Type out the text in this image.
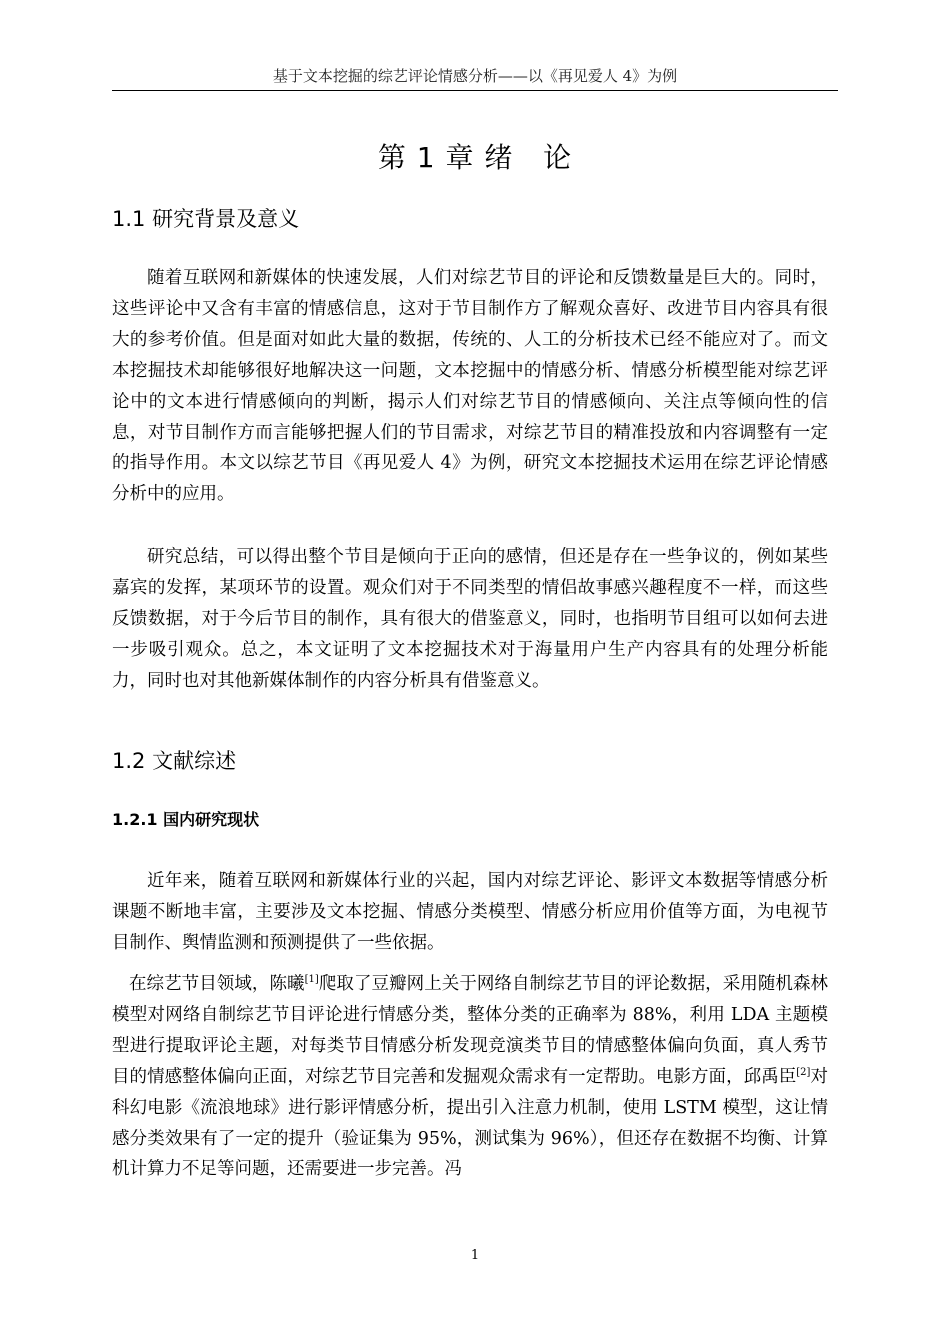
基于文本挖掘的综艺评论情感分析——以《再见爱人 4》为例
第 1 章 绪   论
1.1 研究背景及意义

随着互联网和新媒体的快速发展，人们对综艺节目的评论和反馈数量是巨大的。同时，这些评论中又含有丰富的情感信息，这对于节目制作方了解观众喜好、改进节目内容具有很大的参考价值。但是面对如此大量的数据，传统的、人工的分析技术已经不能应对了。而文本挖掘技术却能够很好地解决这一问题，文本挖掘中的情感分析、情感分析模型能对综艺评论中的文本进行情感倾向的判断，揭示人们对综艺节目的情感倾向、关注点等倾向性的信息，对节目制作方而言能够把握人们的节目需求，对综艺节目的精准投放和内容调整有一定的指导作用。本文以综艺节目《再见爱人 4》为例，研究文本挖掘技术运用在综艺评论情感分析中的应用。

研究总结，可以得出整个节目是倾向于正向的感情，但还是存在一些争议的，例如某些嘉宾的发挥，某项环节的设置。观众们对于不同类型的情侣故事感兴趣程度不一样，而这些反馈数据，对于今后节目的制作，具有很大的借鉴意义，同时，也指明节目组可以如何去进一步吸引观众。总之，本文证明了文本挖掘技术对于海量用户生产内容具有的处理分析能力，同时也对其他新媒体制作的内容分析具有借鉴意义。

1.2 文献综述
1.2.1 国内研究现状

近年来，随着互联网和新媒体行业的兴起，国内对综艺评论、影评文本数据等情感分析课题不断地丰富，主要涉及文本挖掘、情感分类模型、情感分析应用价值等方面，为电视节目制作、舆情监测和预测提供了一些依据。

在综艺节目领域，陈曦[1]爬取了豆瓣网上关于网络自制综艺节目的评论数据，采用随机森林模型对网络自制综艺节目评论进行情感分类，整体分类的正确率为 88%，利用 LDA 主题模型进行提取评论主题，对每类节目情感分析发现竞演类节目的情感整体偏向负面，真人秀节目的情感整体偏向正面，对综艺节目完善和发掘观众需求有一定帮助。电影方面，邱禹臣[2]对科幻电影《流浪地球》进行影评情感分析，提出引入注意力机制，使用 LSTM 模型，这让情感分类效果有了一定的提升（验证集为 95%，测试集为 96%），但还存在数据不均衡、计算机计算力不足等问题，还需要进一步完善。冯

1
